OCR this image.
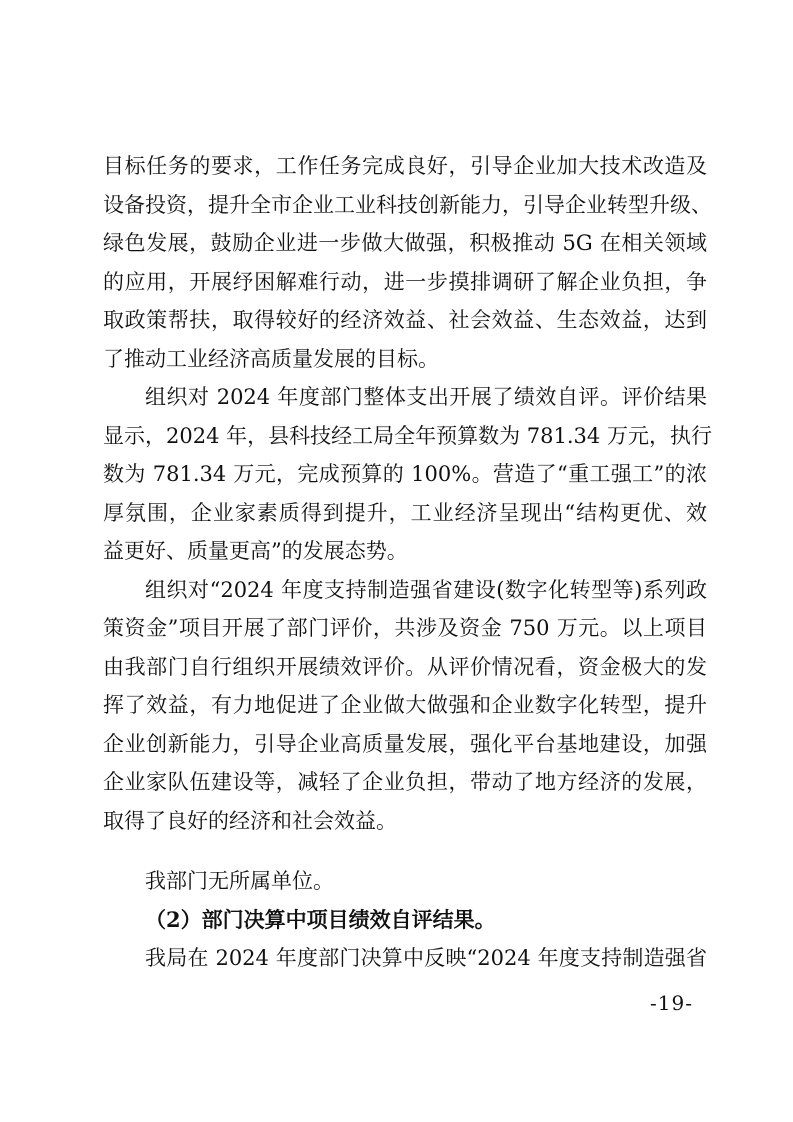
目标任务的要求，工作任务完成良好，引导企业加大技术改造及
设备投资，提升全市企业工业科技创新能力，引导企业转型升级、
绿色发展，鼓励企业进一步做大做强，积极推动 5G 在相关领域
的应用，开展纾困解难行动，进一步摸排调研了解企业负担，争
取政策帮扶，取得较好的经济效益、社会效益、生态效益，达到
了推动工业经济高质量发展的目标。
组织对 2024 年度部门整体支出开展了绩效自评。评价结果
显示，2024 年，县科技经工局全年预算数为 781.34 万元，执行
数为 781.34 万元，完成预算的 100%。营造了“重工强工”的浓
厚氛围，企业家素质得到提升，工业经济呈现出“结构更优、效
益更好、质量更高”的发展态势。
组织对“2024 年度支持制造强省建设(数字化转型等)系列政
策资金”项目开展了部门评价，共涉及资金 750 万元。以上项目
由我部门自行组织开展绩效评价。从评价情况看，资金极大的发
挥了效益，有力地促进了企业做大做强和企业数字化转型，提升
企业创新能力，引导企业高质量发展，强化平台基地建设，加强
企业家队伍建设等，减轻了企业负担，带动了地方经济的发展，
取得了良好的经济和社会效益。
我部门无所属单位。
（2）部门决算中项目绩效自评结果。
我局在 2024 年度部门决算中反映“2024 年度支持制造强省
-19-
